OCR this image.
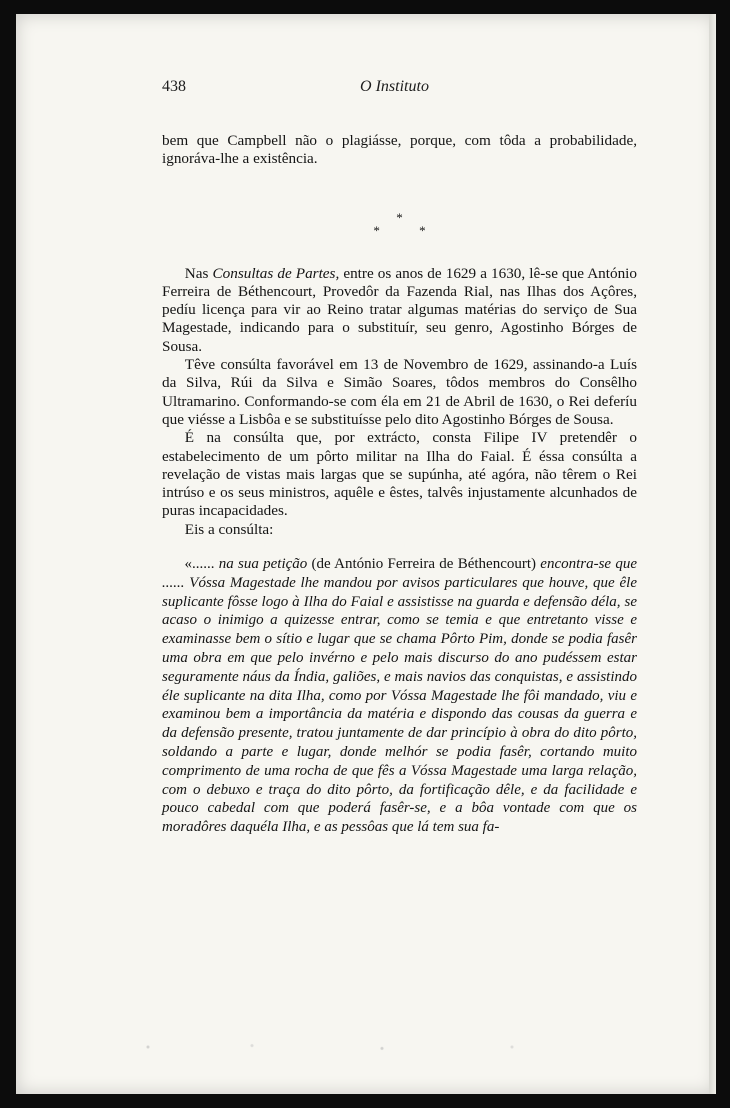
438	O Instituto

bem que Campbell não o plagiásse, porque, com tôda a probabilidade, ignoráva-lhe a existência.

*
* *

Nas Consultas de Partes, entre os anos de 1629 a 1630, lê-se que António Ferreira de Béthencourt, Provedôr da Fazenda Rial, nas Ilhas dos Açôres, pedíu licença para vir ao Reino tratar algumas matérias do serviço de Sua Magestade, indicando para o substituír, seu genro, Agostinho Bórges de Sousa.

Têve consúlta favorável em 13 de Novembro de 1629, assinando-a Luís da Silva, Rúi da Silva e Simão Soares, tôdos membros do Consêlho Ultramarino. Conformando-se com éla em 21 de Abril de 1630, o Rei deferíu que viésse a Lisbôa e se substituísse pelo dito Agostinho Bórges de Sousa.

É na consúlta que, por extrácto, consta Filipe IV pretendêr o estabelecimento de um pôrto militar na Ilha do Faial. É éssa consúlta a revelação de vistas mais largas que se supúnha, até agóra, não têrem o Rei intrúso e os seus ministros, aquêle e êstes, talvês injustamente alcunhados de puras incapacidades.

Eis a consúlta:

«...... na sua petição (de António Ferreira de Béthencourt) encontra-se que ...... Vóssa Magestade lhe mandou por avisos particulares que houve, que êle suplicante fôsse logo à Ilha do Faial e assistisse na guarda e defensão déla, se acaso o inimigo a quizesse entrar, como se temia e que entretanto visse e examinasse bem o sítio e lugar que se chama Pôrto Pim, donde se podia fasêr uma obra em que pelo invérno e pelo mais discurso do ano pudéssem estar seguramente náus da Índia, galiões, e mais navios das conquistas, e assistindo éle suplicante na dita Ilha, como por Vóssa Magestade lhe fôi mandado, viu e examinou bem a importância da matéria e dispondo das cousas da guerra e da defensão presente, tratou juntamente de dar princípio à obra do dito pôrto, soldando a parte e lugar, donde melhór se podia fasêr, cortando muito comprimento de uma rocha de que fês a Vóssa Magestade uma larga relação, com o debuxo e traça do dito pôrto, da fortificação dêle, e da facilidade e pouco cabedal com que poderá fasêr-se, e a bôa vontade com que os moradôres daquéla Ilha, e as pessôas que lá tem sua fa-
